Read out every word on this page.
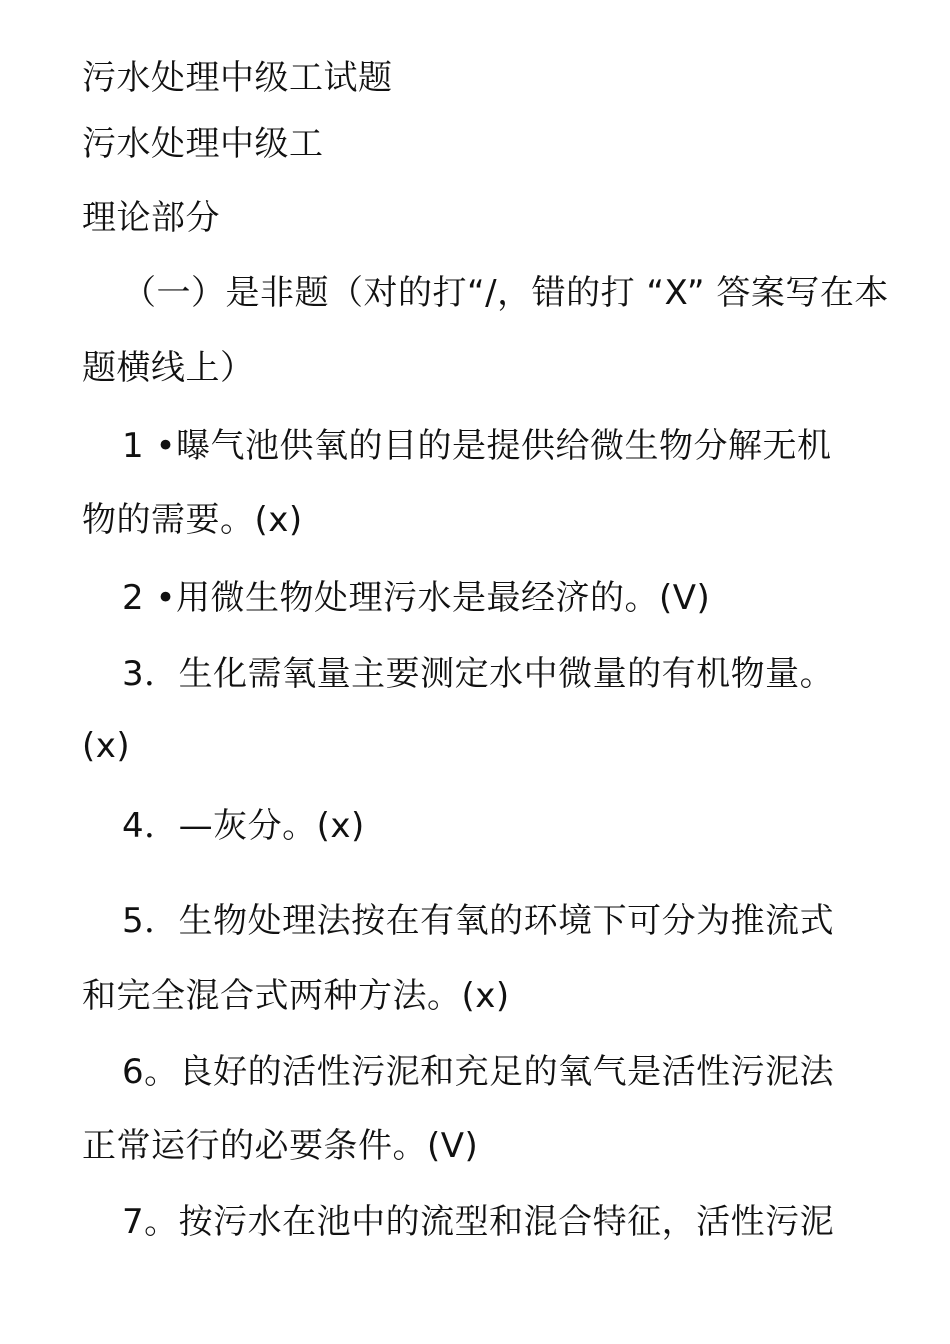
污水处理中级工试题
污水处理中级工
理论部分
（一）是非题（对的打“/，错的打 “X” 答案写在本
题横线上）
1 •曝气池供氧的目的是提供给微生物分解无机
物的需要。(x)
2 •用微生物处理污水是最经济的。(V)
3．生化需氧量主要测定水中微量的有机物量。
(x)
4．—灰分。(x)
5．生物处理法按在有氧的环境下可分为推流式
和完全混合式两种方法。(x)
6。良好的活性污泥和充足的氧气是活性污泥法
正常运行的必要条件。(V)
7。按污水在池中的流型和混合特征，活性污泥
